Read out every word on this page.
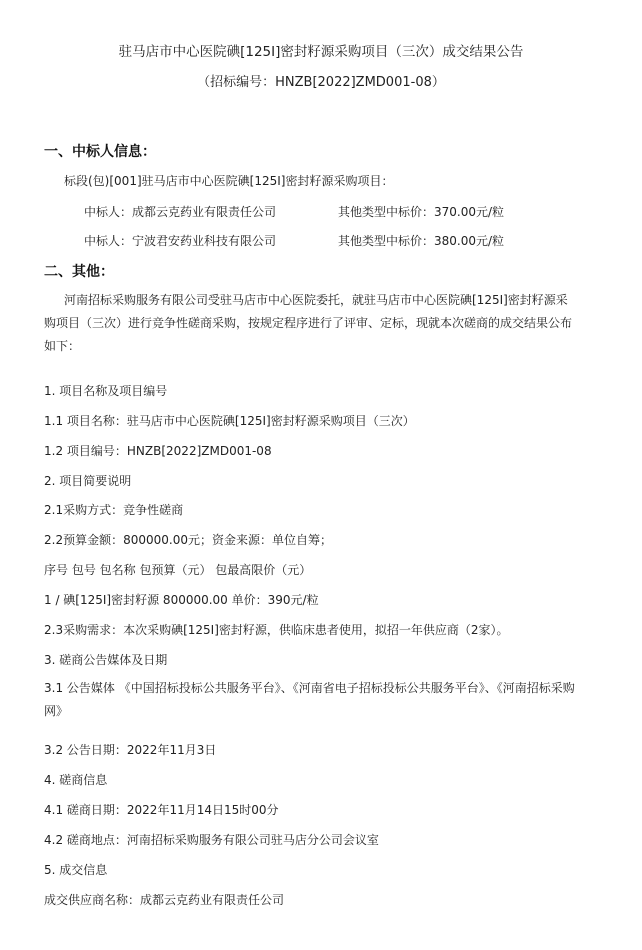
驻马店市中心医院碘[125I]密封籽源采购项目（三次）成交结果公告
（招标编号：HNZB[2022]ZMD001-08）
一、中标人信息：
标段(包)[001]驻马店市中心医院碘[125I]密封籽源采购项目：
中标人：成都云克药业有限责任公司	其他类型中标价：370.00元/粒
中标人：宁波君安药业科技有限公司	其他类型中标价：380.00元/粒
二、其他：
河南招标采购服务有限公司受驻马店市中心医院委托，就驻马店市中心医院碘[125I]密封籽源采购项目（三次）进行竞争性磋商采购，按规定程序进行了评审、定标，现就本次磋商的成交结果公布如下：
1. 项目名称及项目编号
1.1 项目名称：驻马店市中心医院碘[125I]密封籽源采购项目（三次）
1.2 项目编号：HNZB[2022]ZMD001-08
2. 项目简要说明
2.1采购方式：竞争性磋商
2.2预算金额：800000.00元；资金来源：单位自筹；
序号 包号 包名称 包预算（元） 包最高限价（元）
1 / 碘[125I]密封籽源 800000.00 单价：390元/粒
2.3采购需求：本次采购碘[125I]密封籽源，供临床患者使用，拟招一年供应商（2家）。
3. 磋商公告媒体及日期
3.1 公告媒体 《中国招标投标公共服务平台》、《河南省电子招标投标公共服务平台》、《河南招标采购网》
3.2 公告日期：2022年11月3日
4. 磋商信息
4.1 磋商日期：2022年11月14日15时00分
4.2 磋商地点：河南招标采购服务有限公司驻马店分公司会议室
5. 成交信息
成交供应商名称：成都云克药业有限责任公司
